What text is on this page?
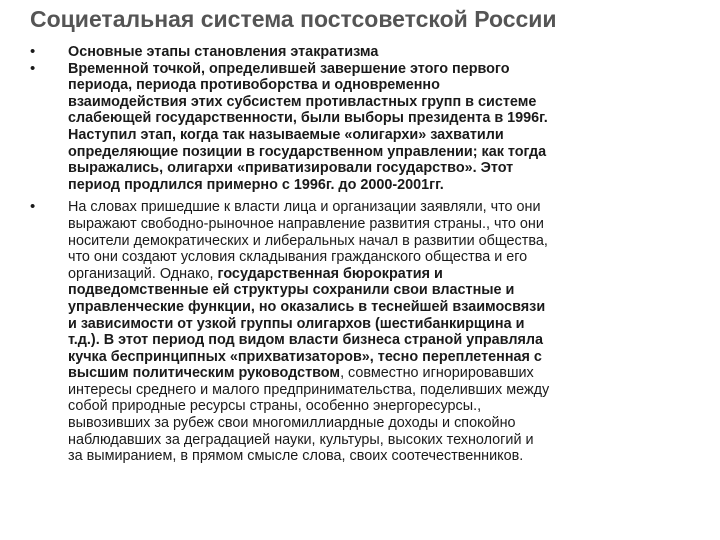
Социетальная система постсоветской России
• Основные этапы становления этакратизма
• Временной точкой, определившей завершение этого первого
периода, периода противоборства и одновременно
взаимодействия этих субсистем противластных групп в системе
слабеющей государственности, были выборы президента в 1996г.
Наступил этап, когда так называемые «олигархи» захватили
определяющие позиции в государственном управлении; как тогда
выражались, олигархи «приватизировали государство». Этот
период продлился примерно с 1996г. до 2000-2001гг.
• На словах пришедшие к власти лица и организации заявляли, что они
выражают свободно-рыночное направление развития страны., что они
носители демократических и либеральных начал в развитии общества,
что они создают условия складывания гражданского общества и его
организаций. Однако, государственная бюрократия и
подведомственные ей структуры сохранили свои властные и
управленческие функции, но оказались в теснейшей взаимосвязи
и зависимости от узкой группы олигархов (шестибанкирщина и
т.д.). В этот период под видом власти бизнеса страной управляла
кучка беспринципных «прихватизаторов», тесно переплетенная с
высшим политическим руководством, совместно игнорировавших
интересы среднего и малого предпринимательства, поделивших между
собой природные ресурсы страны, особенно энергоресурсы.,
вывозивших за рубеж свои многомиллиардные доходы и спокойно
наблюдавших за деградацией науки, культуры, высоких технологий и
за вымиранием, в прямом смысле слова, своих соотечественников.
